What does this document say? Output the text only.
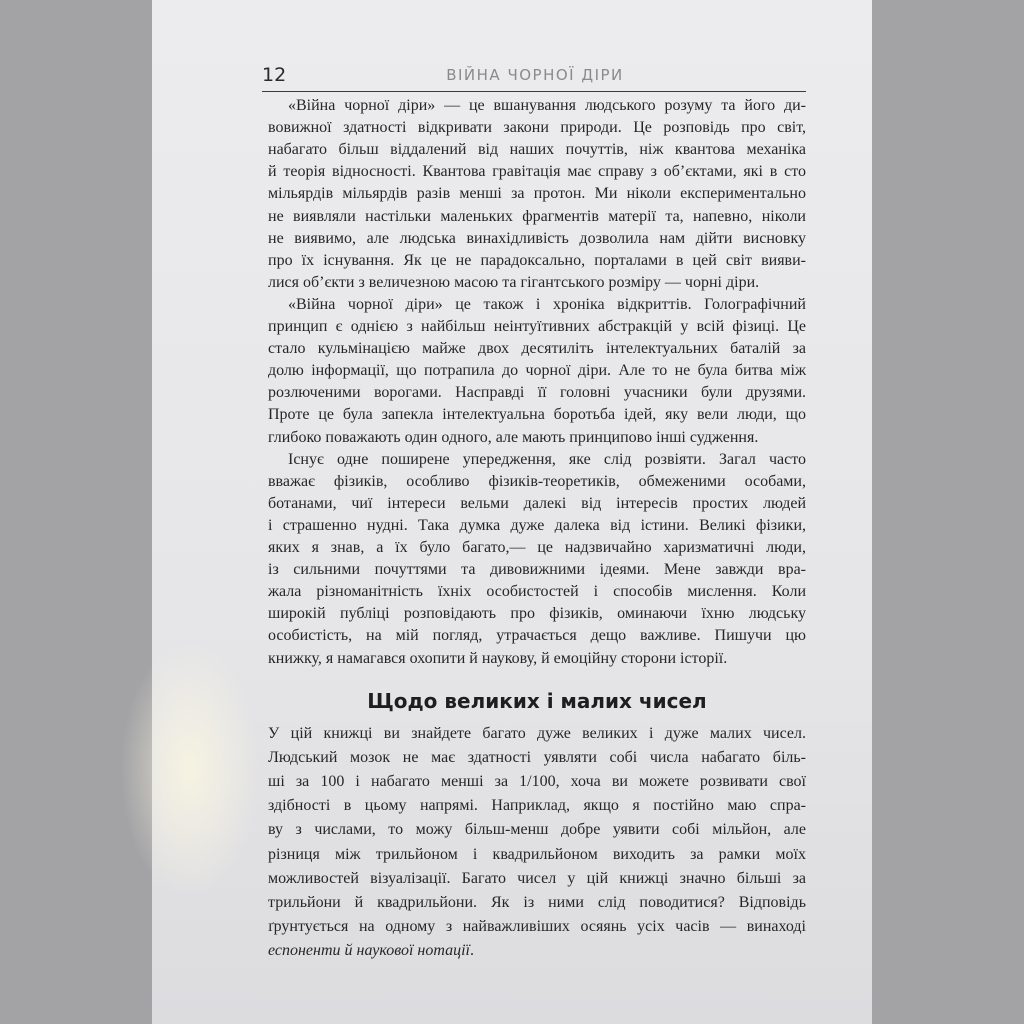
12	ВІЙНА ЧОРНОЇ ДІРИ
«Війна чорної діри» — це вшанування людського розуму та його ди-
вовижної здатності відкривати закони природи. Це розповідь про світ,
набагато більш віддалений від наших почуттів, ніж квантова механіка
й теорія відносності. Квантова гравітація має справу з об’єктами, які в сто
мільярдів мільярдів разів менші за протон. Ми ніколи експериментально
не виявляли настільки маленьких фрагментів матерії та, напевно, ніколи
не виявимо, але людська винахідливість дозволила нам дійти висновку
про їх існування. Як це не парадоксально, порталами в цей світ вияви-
лися об’єкти з величезною масою та гігантського розміру — чорні діри.
«Війна чорної діри» це також і хроніка відкриттів. Голографічний
принцип є однією з найбільш неінтуїтивних абстракцій у всій фізиці. Це
стало кульмінацією майже двох десятиліть інтелектуальних баталій за
долю інформації, що потрапила до чорної діри. Але то не була битва між
розлюченими ворогами. Насправді її головні учасники були друзями.
Проте це була запекла інтелектуальна боротьба ідей, яку вели люди, що
глибоко поважають один одного, але мають принципово інші судження.
Існує одне поширене упередження, яке слід розвіяти. Загал часто
вважає фізиків, особливо фізиків-теоретиків, обмеженими особами,
ботанами, чиї інтереси вельми далекі від інтересів простих людей
і страшенно нудні. Така думка дуже далека від істини. Великі фізики,
яких я знав, а їх було багато,— це надзвичайно харизматичні люди,
із сильними почуттями та дивовижними ідеями. Мене завжди вра-
жала різноманітність їхніх особистостей і способів мислення. Коли
широкій публіці розповідають про фізиків, оминаючи їхню людську
особистість, на мій погляд, утрачається дещо важливе. Пишучи цю
книжку, я намагався охопити й наукову, й емоційну сторони історії.
Щодо великих і малих чисел
У цій книжці ви знайдете багато дуже великих і дуже малих чисел.
Людський мозок не має здатності уявляти собі числа набагато біль-
ші за 100 і набагато менші за 1/100, хоча ви можете розвивати свої
здібності в цьому напрямі. Наприклад, якщо я постійно маю спра-
ву з числами, то можу більш-менш добре уявити собі мільйон, але
різниця між трильйоном і квадрильйоном виходить за рамки моїх
можливостей візуалізації. Багато чисел у цій книжці значно більші за
трильйони й квадрильйони. Як із ними слід поводитися? Відповідь
ґрунтується на одному з найважливіших осяянь усіх часів — винаході
еспоненти й наукової нотації.
